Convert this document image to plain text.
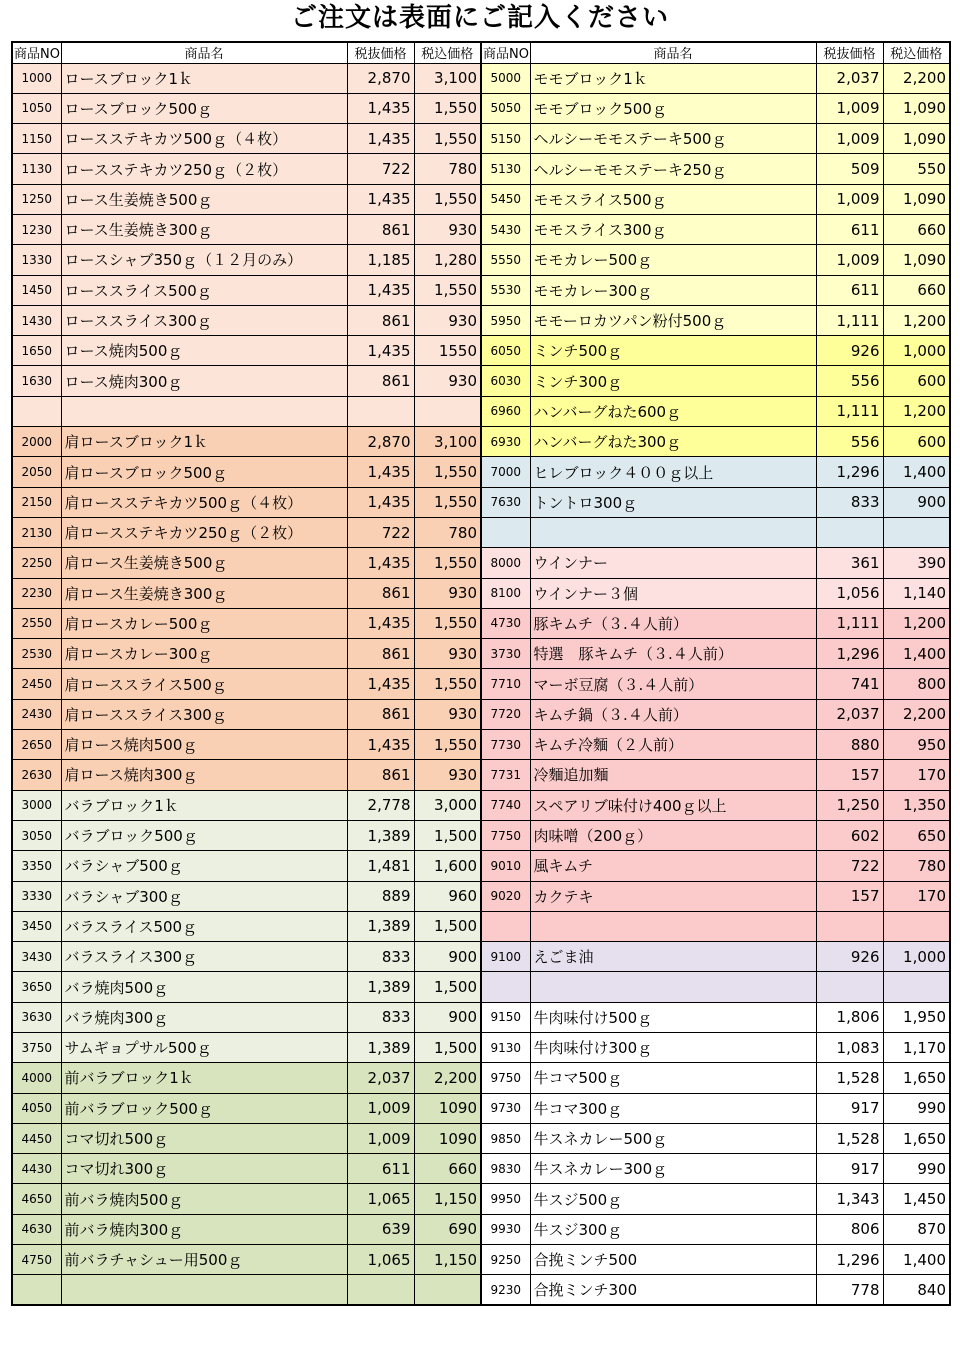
ご注文は表面にご記入ください
商品NO	商品名	税抜価格	税込価格	商品NO	商品名	税抜価格	税込価格
1000	ロースブロック1ｋ	2,870	3,100	5000	モモブロック1ｋ	2,037	2,200
1050	ロースブロック500ｇ	1,435	1,550	5050	モモブロック500ｇ	1,009	1,090
1150	ロースステキカツ500ｇ（４枚）	1,435	1,550	5150	ヘルシーモモステーキ500ｇ	1,009	1,090
1130	ロースステキカツ250ｇ（２枚）	722	780	5130	ヘルシーモモステーキ250ｇ	509	550
1250	ロース生姜焼き500ｇ	1,435	1,550	5450	モモスライス500ｇ	1,009	1,090
1230	ロース生姜焼き300ｇ	861	930	5430	モモスライス300ｇ	611	660
1330	ロースシャブ350ｇ（１２月のみ）	1,185	1,280	5550	モモカレー500ｇ	1,009	1,090
1450	ローススライス500ｇ	1,435	1,550	5530	モモカレー300ｇ	611	660
1430	ローススライス300ｇ	861	930	5950	モモーロカツパン粉付500ｇ	1,111	1,200
1650	ロース焼肉500ｇ	1,435	1550	6050	ミンチ500ｇ	926	1,000
1630	ロース焼肉300ｇ	861	930	6030	ミンチ300ｇ	556	600
				6960	ハンバーグねた600ｇ	1,111	1,200
2000	肩ロースブロック1ｋ	2,870	3,100	6930	ハンバーグねた300ｇ	556	600
2050	肩ロースブロック500ｇ	1,435	1,550	7000	ヒレブロック４００ｇ以上	1,296	1,400
2150	肩ロースステキカツ500ｇ（４枚）	1,435	1,550	7630	トントロ300ｇ	833	900
2130	肩ロースステキカツ250ｇ（２枚）	722	780				
2250	肩ロース生姜焼き500ｇ	1,435	1,550	8000	ウインナー	361	390
2230	肩ロース生姜焼き300ｇ	861	930	8100	ウインナー３個	1,056	1,140
2550	肩ロースカレー500ｇ	1,435	1,550	4730	豚キムチ（３.４人前）	1,111	1,200
2530	肩ロースカレー300ｇ	861	930	3730	特選　豚キムチ（３.４人前）	1,296	1,400
2450	肩ローススライス500ｇ	1,435	1,550	7710	マーボ豆腐（３.４人前）	741	800
2430	肩ローススライス300ｇ	861	930	7720	キムチ鍋（３.４人前）	2,037	2,200
2650	肩ロース焼肉500ｇ	1,435	1,550	7730	キムチ冷麵（２人前）	880	950
2630	肩ロース焼肉300ｇ	861	930	7731	冷麵追加麵	157	170
3000	バラブロック1ｋ	2,778	3,000	7740	スペアリブ味付け400ｇ以上	1,250	1,350
3050	バラブロック500ｇ	1,389	1,500	7750	肉味噌（200ｇ）	602	650
3350	バラシャブ500ｇ	1,481	1,600	9010	風キムチ	722	780
3330	バラシャブ300ｇ	889	960	9020	カクテキ	157	170
3450	バラスライス500ｇ	1,389	1,500				
3430	バラスライス300ｇ	833	900	9100	えごま油	926	1,000
3650	バラ焼肉500ｇ	1,389	1,500				
3630	バラ焼肉300ｇ	833	900	9150	牛肉味付け500ｇ	1,806	1,950
3750	サムギョプサル500ｇ	1,389	1,500	9130	牛肉味付け300ｇ	1,083	1,170
4000	前バラブロック1ｋ	2,037	2,200	9750	牛コマ500ｇ	1,528	1,650
4050	前バラブロック500ｇ	1,009	1090	9730	牛コマ300ｇ	917	990
4450	コマ切れ500ｇ	1,009	1090	9850	牛スネカレー500ｇ	1,528	1,650
4430	コマ切れ300ｇ	611	660	9830	牛スネカレー300ｇ	917	990
4650	前バラ焼肉500ｇ	1,065	1,150	9950	牛スジ500ｇ	1,343	1,450
4630	前バラ焼肉300ｇ	639	690	9930	牛スジ300ｇ	806	870
4750	前バラチャシュー用500ｇ	1,065	1,150	9250	合挽ミンチ500	1,296	1,400
				9230	合挽ミンチ300	778	840
